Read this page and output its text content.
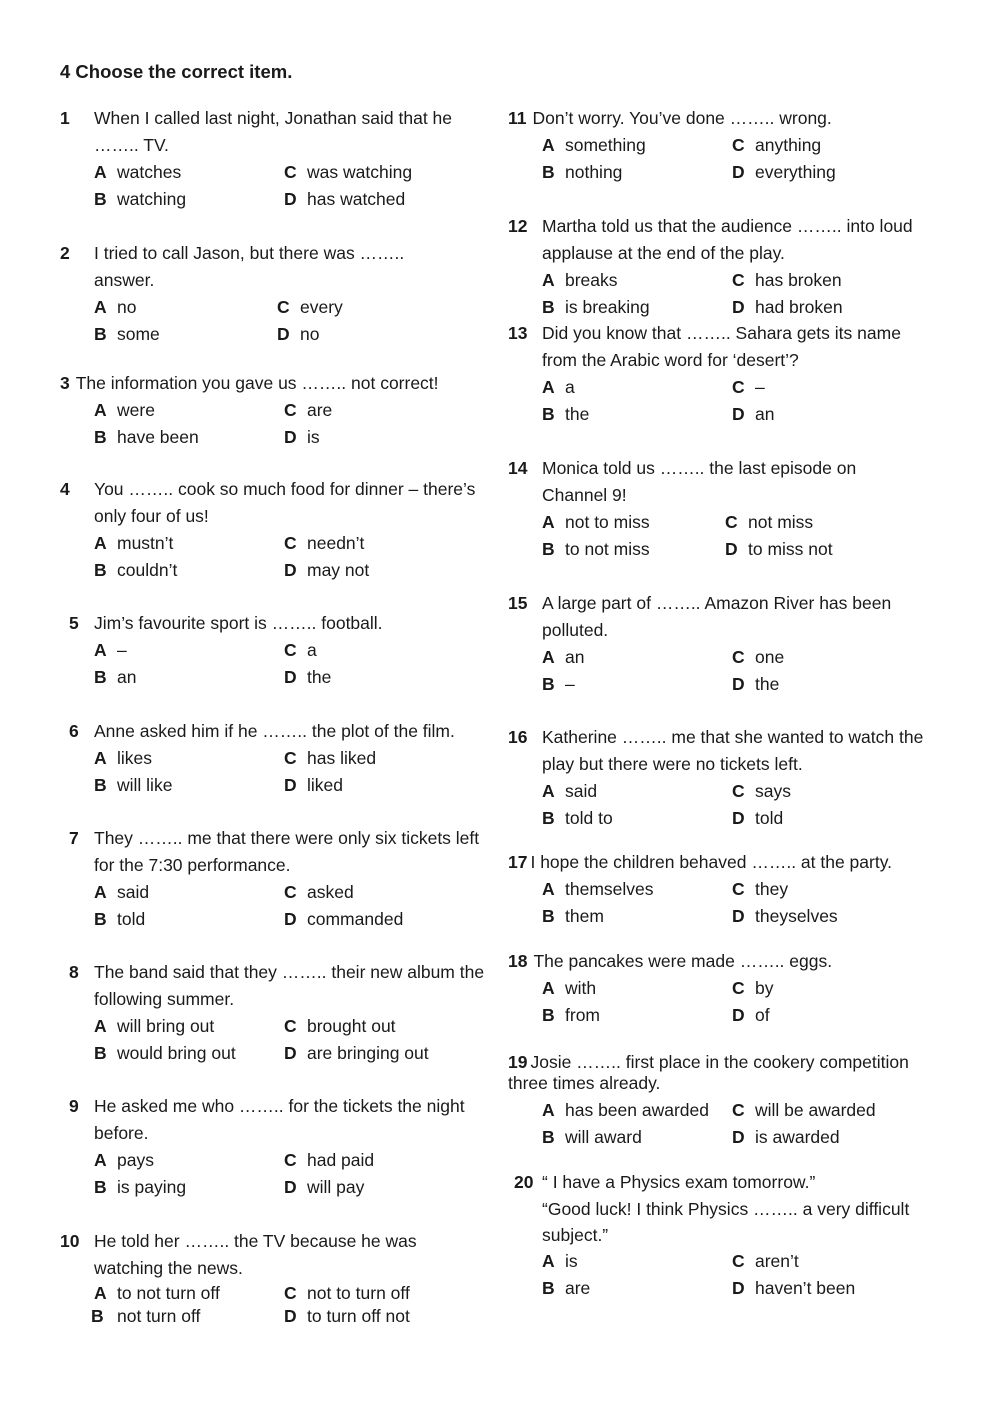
4 Choose the correct item.
1 When I called last night, Jonathan said that he …….. TV.
A watches	C was watching
B watching	D has watched
2 I tried to call Jason, but there was …….. answer.
A no	C every
B some	D no
3 The information you gave us …….. not correct!
A were	C are
B have been	D is
4 You …….. cook so much food for dinner – there’s only four of us!
A mustn’t	C needn’t
B couldn’t	D may not
5 Jim’s favourite sport is …….. football.
A –	C a
B an	D the
6 Anne asked him if he …….. the plot of the film.
A likes	C has liked
B will like	D liked
7 They …….. me that there were only six tickets left for the 7:30 performance.
A said	C asked
B told	D commanded
8 The band said that they …….. their new album the following summer.
A will bring out	C brought out
B would bring out	D are bringing out
9 He asked me who …….. for the tickets the night before.
A pays	C had paid
B is paying	D will pay
10 He told her …….. the TV because he was watching the news.
A to not turn off	C not to turn off
B not turn off	D to turn off not
11 Don’t worry. You’ve done …….. wrong.
A something	C anything
B nothing	D everything
12 Martha told us that the audience …….. into loud applause at the end of the play.
A breaks	C has broken
B is breaking	D had broken
13 Did you know that …….. Sahara gets its name from the Arabic word for ‘desert’?
A a	C –
B the	D an
14 Monica told us …….. the last episode on Channel 9!
A not to miss	C not miss
B to not miss	D to miss not
15 A large part of …….. Amazon River has been polluted.
A an	C one
B –	D the
16 Katherine …….. me that she wanted to watch the play but there were no tickets left.
A said	C says
B told to	D told
17 I hope the children behaved …….. at the party.
A themselves	C they
B them	D theyselves
18 The pancakes were made …….. eggs.
A with	C by
B from	D of
19 Josie …….. first place in the cookery competition three times already.
A has been awarded	C will be awarded
B will award	D is awarded
20 “ I have a Physics exam tomorrow.”
“Good luck! I think Physics …….. a very difficult subject.”
A is	C aren’t
B are	D haven’t been
